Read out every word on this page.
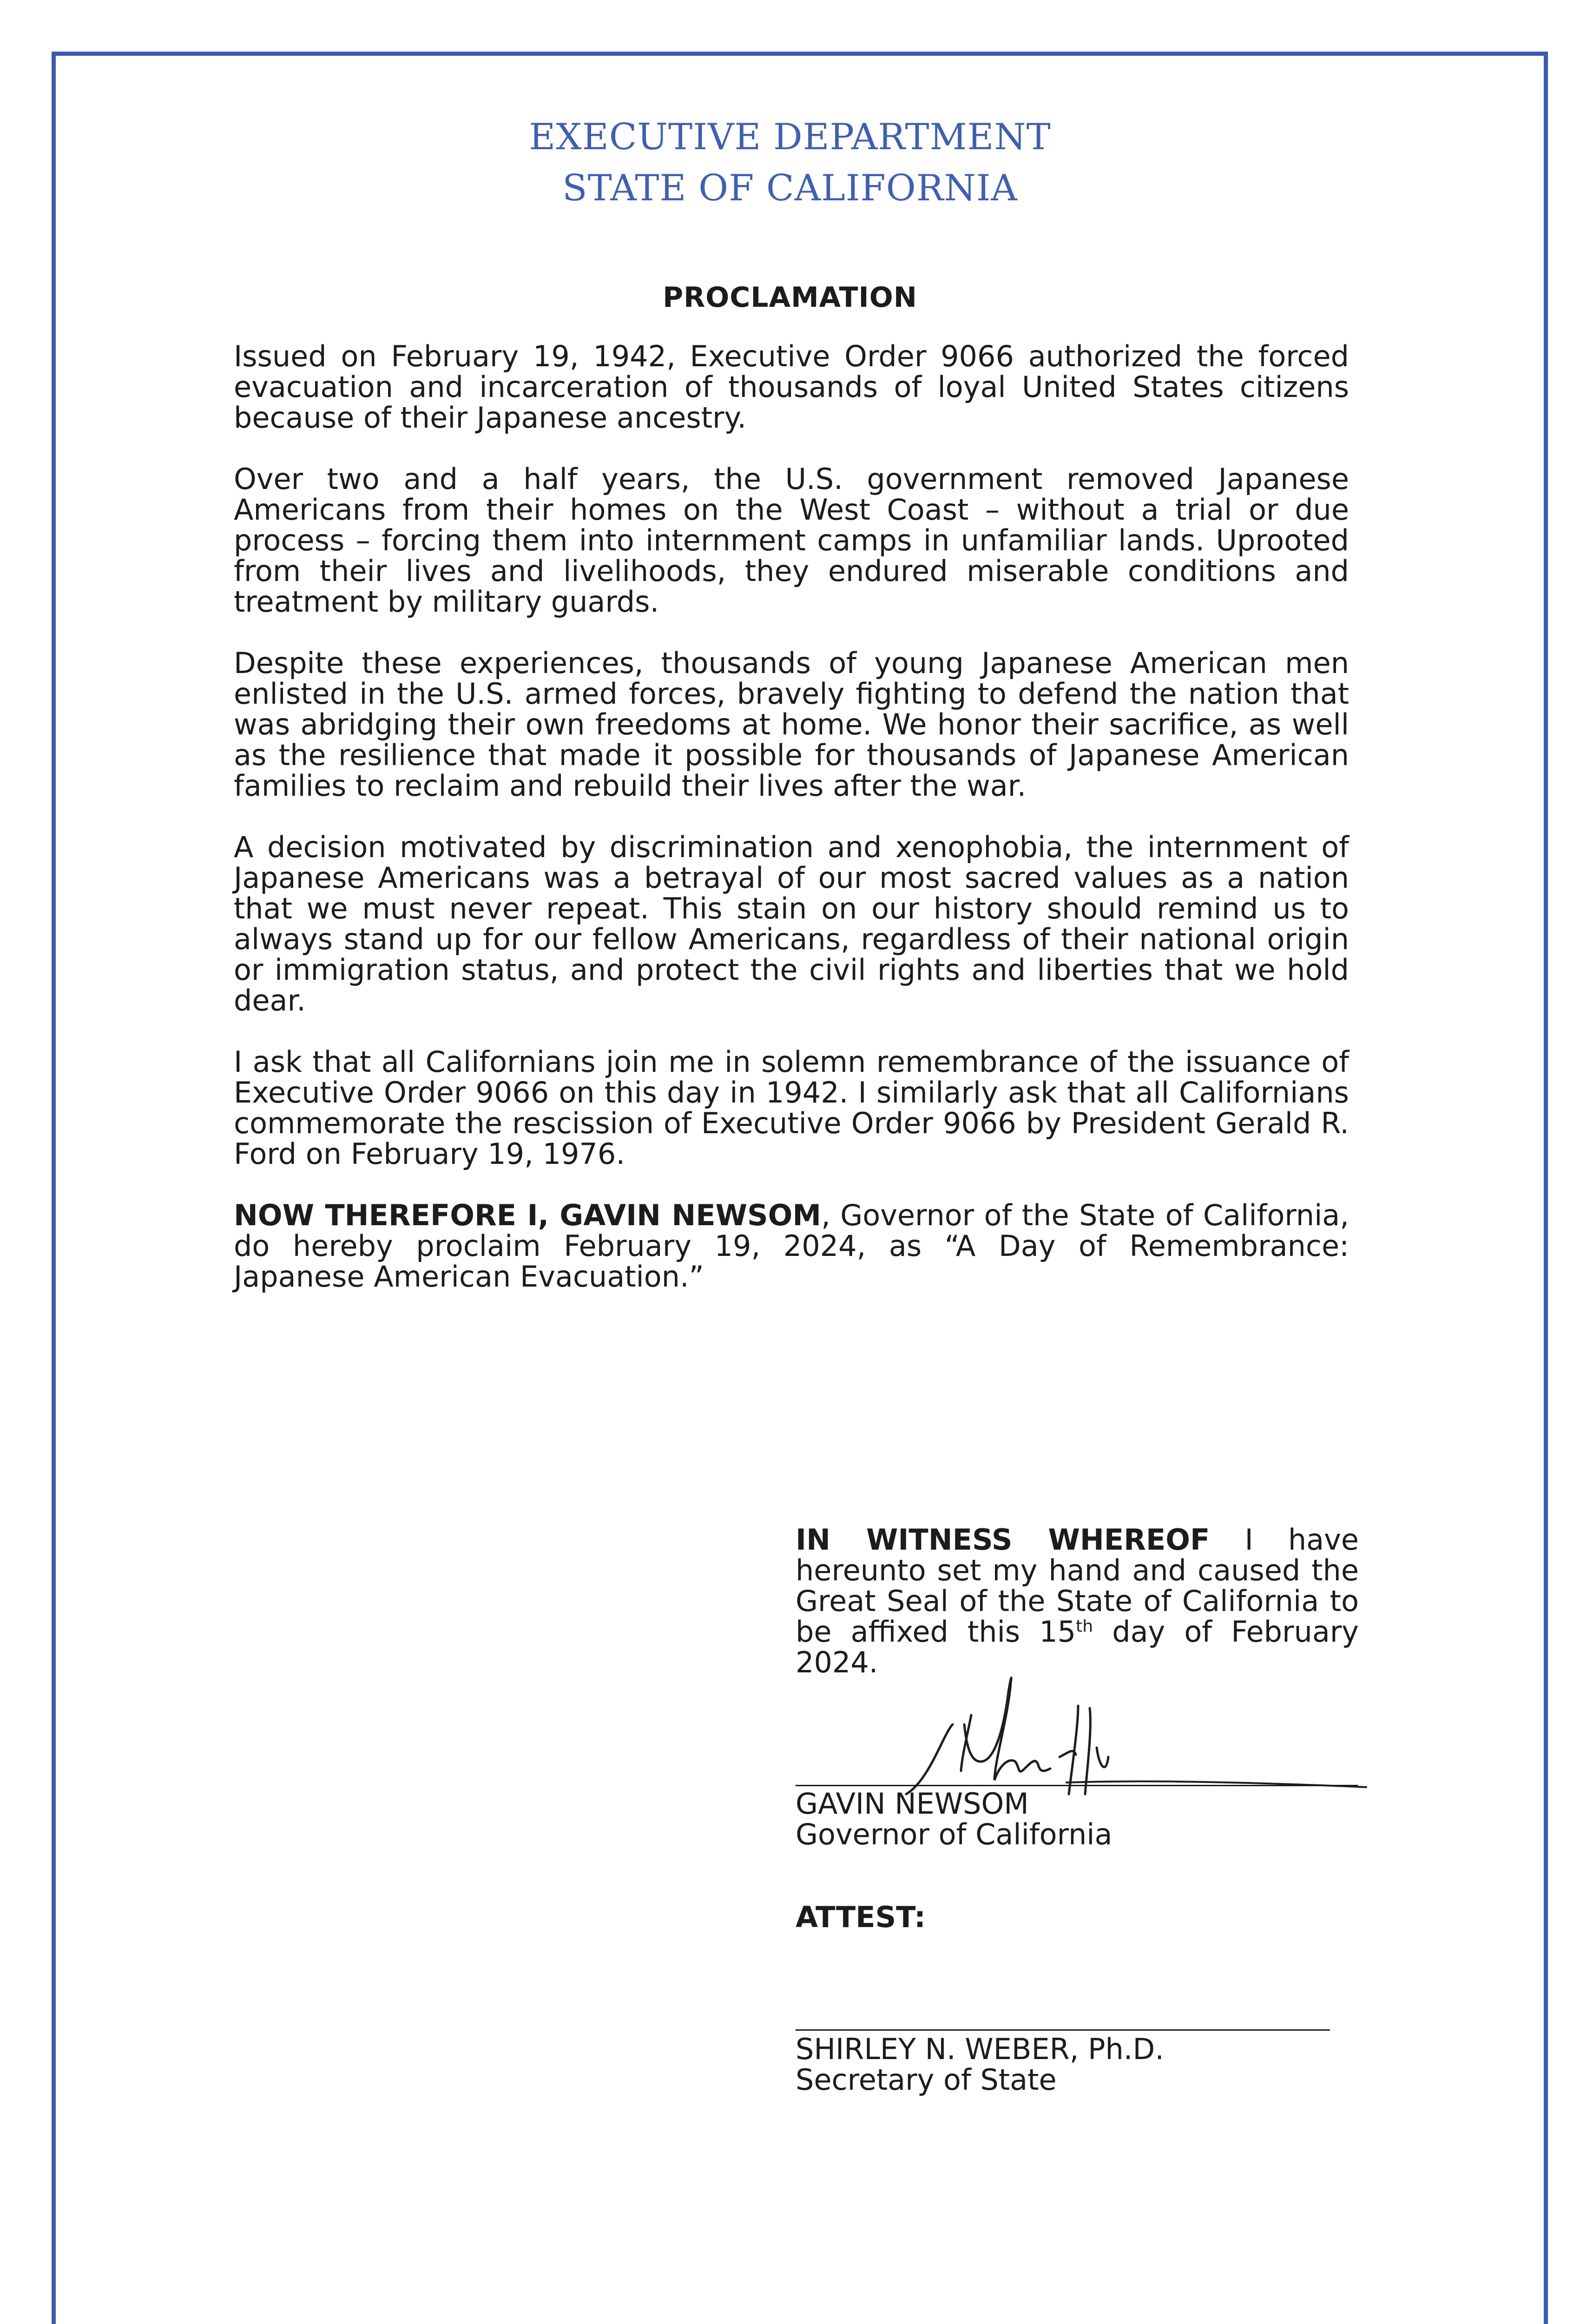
EXECUTIVE DEPARTMENT
STATE OF CALIFORNIA
PROCLAMATION

Issued on February 19, 1942, Executive Order 9066 authorized the forced evacuation and incarceration of thousands of loyal United States citizens because of their Japanese ancestry.

Over two and a half years, the U.S. government removed Japanese Americans from their homes on the West Coast – without a trial or due process – forcing them into internment camps in unfamiliar lands. Uprooted from their lives and livelihoods, they endured miserable conditions and treatment by military guards.

Despite these experiences, thousands of young Japanese American men enlisted in the U.S. armed forces, bravely fighting to defend the nation that was abridging their own freedoms at home. We honor their sacrifice, as well as the resilience that made it possible for thousands of Japanese American families to reclaim and rebuild their lives after the war.

A decision motivated by discrimination and xenophobia, the internment of Japanese Americans was a betrayal of our most sacred values as a nation that we must never repeat. This stain on our history should remind us to always stand up for our fellow Americans, regardless of their national origin or immigration status, and protect the civil rights and liberties that we hold dear.

I ask that all Californians join me in solemn remembrance of the issuance of Executive Order 9066 on this day in 1942. I similarly ask that all Californians commemorate the rescission of Executive Order 9066 by President Gerald R. Ford on February 19, 1976.

NOW THEREFORE I, GAVIN NEWSOM, Governor of the State of California, do hereby proclaim February 19, 2024, as “A Day of Remembrance: Japanese American Evacuation.”

IN WITNESS WHEREOF I have hereunto set my hand and caused the Great Seal of the State of California to be affixed this 15th day of February 2024.

GAVIN NEWSOM
Governor of California
ATTEST:
SHIRLEY N. WEBER, Ph.D.
Secretary of State
